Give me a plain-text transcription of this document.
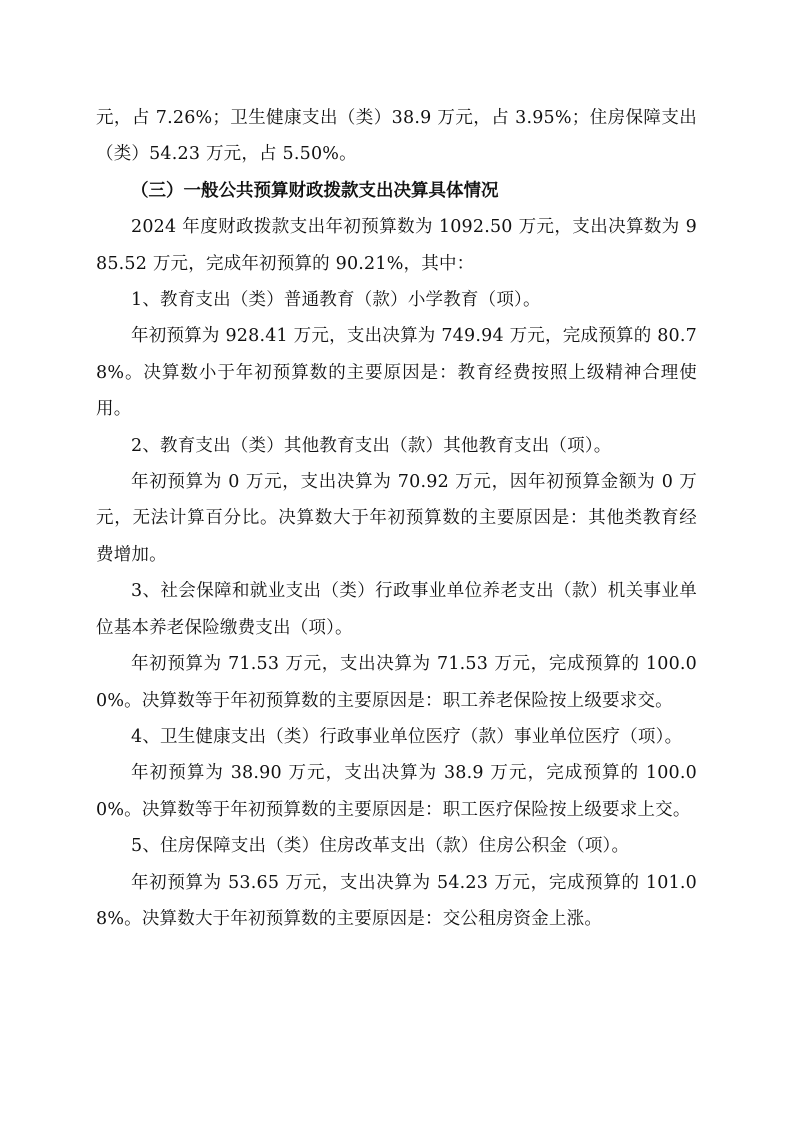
元，占 7.26%；卫生健康支出（类）38.9 万元，占 3.95%；住房保障支出（类）54.23 万元，占 5.50%。

（三）一般公共预算财政拨款支出决算具体情况

2024 年度财政拨款支出年初预算数为 1092.50 万元，支出决算数为 985.52 万元，完成年初预算的 90.21%，其中：

1、教育支出（类）普通教育（款）小学教育（项）。

年初预算为 928.41 万元，支出决算为 749.94 万元，完成预算的 80.78%。决算数小于年初预算数的主要原因是：教育经费按照上级精神合理使用。

2、教育支出（类）其他教育支出（款）其他教育支出（项）。

年初预算为 0 万元，支出决算为 70.92 万元，因年初预算金额为 0 万元，无法计算百分比。决算数大于年初预算数的主要原因是：其他类教育经费增加。

3、社会保障和就业支出（类）行政事业单位养老支出（款）机关事业单位基本养老保险缴费支出（项）。

年初预算为 71.53 万元，支出决算为 71.53 万元，完成预算的 100.00%。决算数等于年初预算数的主要原因是：职工养老保险按上级要求交。

4、卫生健康支出（类）行政事业单位医疗（款）事业单位医疗（项）。

年初预算为 38.90 万元，支出决算为 38.9 万元，完成预算的 100.00%。决算数等于年初预算数的主要原因是：职工医疗保险按上级要求上交。

5、住房保障支出（类）住房改革支出（款）住房公积金（项）。

年初预算为 53.65 万元，支出决算为 54.23 万元，完成预算的 101.08%。决算数大于年初预算数的主要原因是：交公租房资金上涨。
